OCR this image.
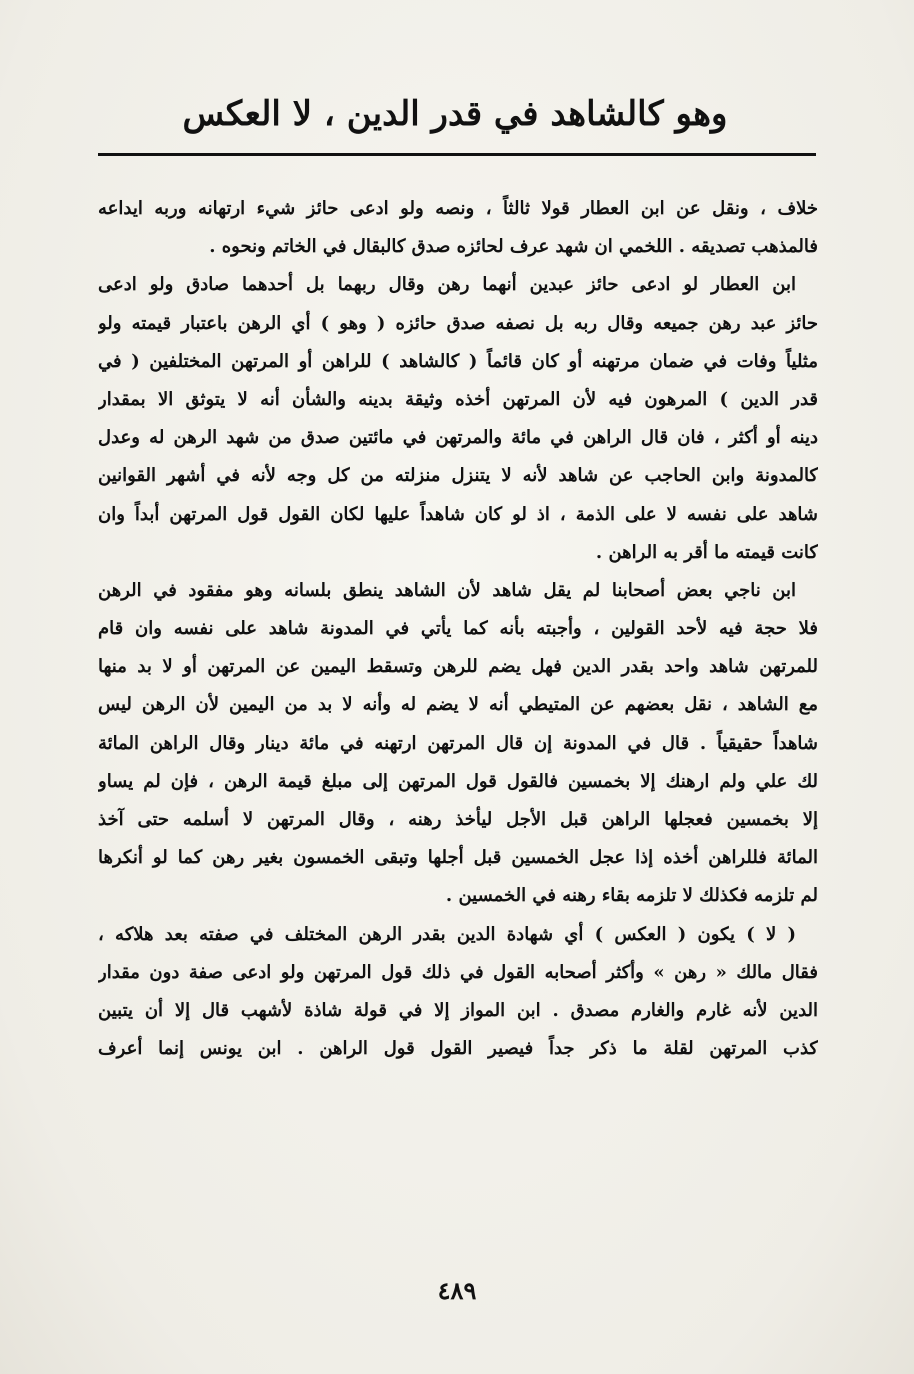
وهو كالشاهد في قدر الدين ، لا العكس
خلاف ، ونقل عن ابن العطار قولا ثالثاً ، ونصه ولو ادعى حائز شيء ارتهانه وربه ايداعه
فالمذهب تصديقه . اللخمي ان شهد عرف لحائزه صدق كالبقال في الخاتم ونحوه .
ابن العطار لو ادعى حائز عبدين أنهما رهن وقال ربهما بل أحدهما صادق ولو ادعى
حائز عبد رهن جميعه وقال ربه بل نصفه صدق حائزه ( وهو ) أي الرهن باعتبار قيمته ولو
مثلياً وفات في ضمان مرتهنه أو كان قائماً ( كالشاهد ) للراهن أو المرتهن المختلفين ( في
قدر الدين ) المرهون فيه لأن المرتهن أخذه وثيقة بدينه والشأن أنه لا يتوثق الا بمقدار
دينه أو أكثر ، فان قال الراهن في مائة والمرتهن في مائتين صدق من شهد الرهن له وعدل
كالمدونة وابن الحاجب عن شاهد لأنه لا يتنزل منزلته من كل وجه لأنه في أشهر القوانين
شاهد على نفسه لا على الذمة ، اذ لو كان شاهداً عليها لكان القول قول المرتهن أبداً وان
كانت قيمته ما أقر به الراهن .
ابن ناجي بعض أصحابنا لم يقل شاهد لأن الشاهد ينطق بلسانه وهو مفقود في الرهن
فلا حجة فيه لأحد القولين ، وأجبته بأنه كما يأتي في المدونة شاهد على نفسه وان قام
للمرتهن شاهد واحد بقدر الدين فهل يضم للرهن وتسقط اليمين عن المرتهن أو لا بد منها
مع الشاهد ، نقل بعضهم عن المتيطي أنه لا يضم له وأنه لا بد من اليمين لأن الرهن ليس
شاهداً حقيقياً . قال في المدونة إن قال المرتهن ارتهنه في مائة دينار وقال الراهن المائة
لك علي ولم ارهنك إلا بخمسين فالقول قول المرتهن إلى مبلغ قيمة الرهن ، فإن لم يساو
إلا بخمسين فعجلها الراهن قبل الأجل ليأخذ رهنه ، وقال المرتهن لا أسلمه حتى آخذ
المائة فللراهن أخذه إذا عجل الخمسين قبل أجلها وتبقى الخمسون بغير رهن كما لو أنكرها
لم تلزمه فكذلك لا تلزمه بقاء رهنه في الخمسين .
( لا ) يكون ( العكس ) أي شهادة الدين بقدر الرهن المختلف في صفته بعد هلاكه ،
فقال مالك « رهن » وأكثر أصحابه القول في ذلك قول المرتهن ولو ادعى صفة دون مقدار
الدين لأنه غارم والغارم مصدق . ابن المواز إلا في قولة شاذة لأشهب قال إلا أن يتبين
كذب المرتهن لقلة ما ذكر جداً فيصير القول قول الراهن . ابن يونس إنما أعرف
٤٨٩
